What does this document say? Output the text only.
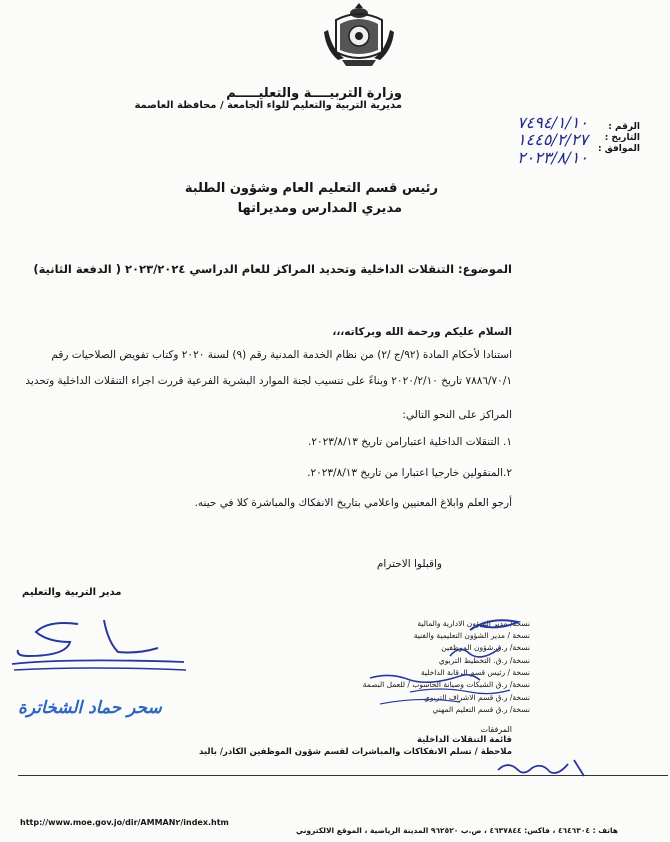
وزارة التربيــــة والتعليـــــم
مديرية التربية والتعليم للواء الجامعة / محافظة العاصمة
الرقم :
التاريخ :
الموافق :
٧٤٩٤/١/١٠
١٤٤٥/٢/٢٧
٢٠٢٣/٨/١٠
رئيس قسم التعليم العام وشؤون الطلبة
مديري المدارس ومديراتها
الموضوع: التنقلات الداخلية وتحديد المراكز للعام الدراسي ٢٠٢٣/٢٠٢٤ ( الدفعة الثانية)
السلام عليكم ورحمة الله وبركاته،،،
استنادا لأحكام المادة (٩٢/ج /٢) من نظام الخدمة المدنية رقم (٩) لسنة ٢٠٢٠ وكتاب تفويض الصلاحيات رقم
٧٨٨٦/٧٠/١ تاريخ ٢٠٢٠/٢/١٠ وبناءً على تنسيب لجنة الموارد البشرية الفرعية قررت اجراء التنقلات الداخلية وتحديد
المراكز على النحو التالي:
١. التنقلات الداخلية اعتبارامن تاريخ ٢٠٢٣/٨/١٣.
٢.المنقولين خارجيا اعتبارا من تاريخ ٢٠٢٣/٨/١٣.
أرجو العلم وابلاغ المعنيين واعلامي بتاريخ الانفكاك والمباشرة كلا في حينه.
واقبلوا الاحترام
مدير التربية والتعليم
سحر حماد الشخاترة
نسخة/ مدير الشؤون الادارية والمالية
نسخة / مدير الشؤون التعليمية والفنية
نسخة/ ر.ق.شؤون الموظفين
نسخة/ ر.ق. التخطيط التربوي
نسخة / رئيس قسم الرقابة الداخلية
نسخة/ ر.ق الشبكات وصيانة الحاسوب / للعمل البصمة
نسخة/ ر.ق قسم الاشراف التربوي
نسخة/ ر.ق قسم التعليم المهني
المرفقات
قائمة التنقلات الداخلية
ملاحظة / تسلم الانفكاكات والمباشرات لقسم شؤون الموظفين الكادر/ باليد
هاتف : ٤٦٤٦٣٠٤ ، فاكس: ٤٦٣٧٨٤٤ ، ص.ب ٩٦٢٥٢٠ المدينة الرياضية ، الموقع الالكتروني
http://www.moe.gov.jo/dir/AMMAN٢/index.htm
